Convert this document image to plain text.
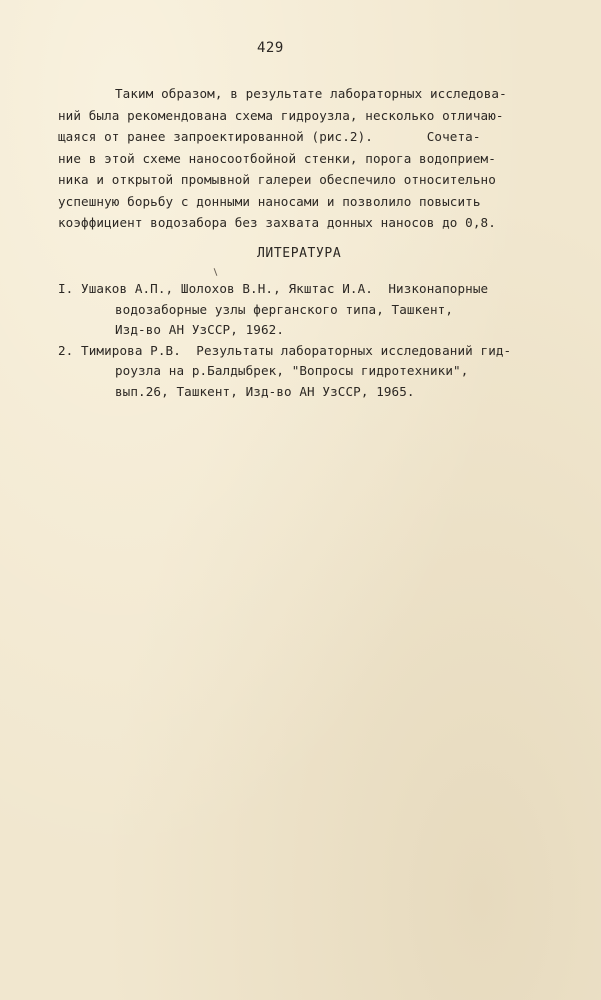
429

Таким образом, в результате лабораторных исследова-
ний была рекомендована схема гидроузла, несколько отличаю-
щаяся от ранее запроектированной (рис.2).       Сочета-
ние в этой схеме наносоотбойной стенки, порога водоприем-
ника и открытой промывной галереи обеспечило относительно
успешную борьбу с донными наносами и позволило повысить
коэффициент водозабора без захвата донных наносов до 0,8.

ЛИТЕРАТУРА
I. Ушаков А.П., Шолохов В.Н., Якштас И.А.  Низконапорные
водозаборные узлы ферганского типа, Ташкент,
Изд-во АН УзССР, 1962.
2. Тимирова Р.В.  Результаты лабораторных исследований гид-
роузла на р.Балдыбрек, "Вопросы гидротехники",
вып.26, Ташкент, Изд-во АН УзССР, 1965.
